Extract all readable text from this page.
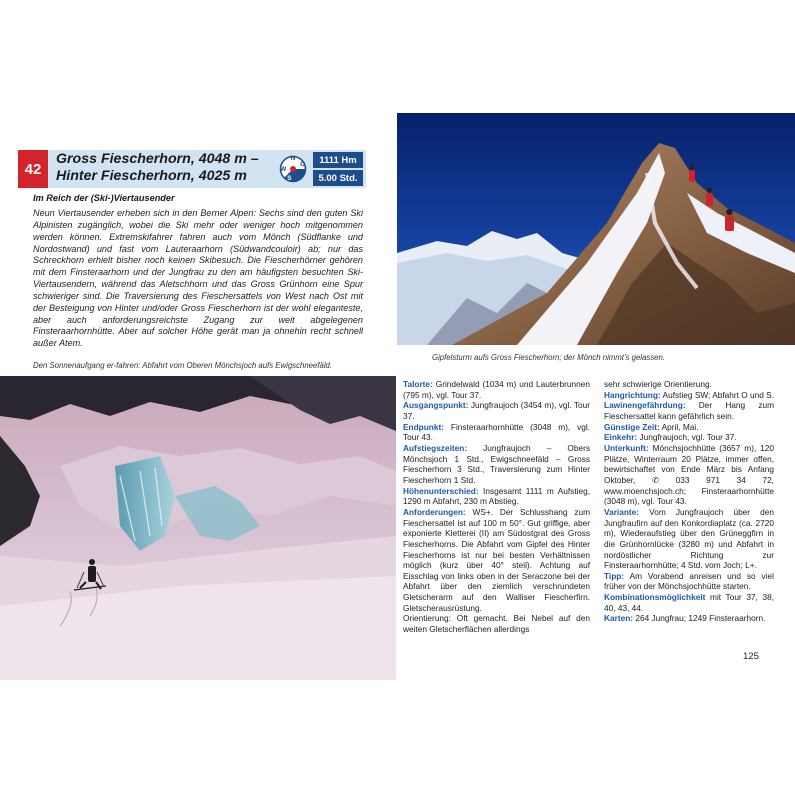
42
Gross Fiescherhorn, 4048 m –
Hinter Fiescherhorn, 4025 m
N
W
O
S
1111 Hm
5.00 Std.
Im Reich der (Ski-)Viertausender
Neun Viertausender erheben sich in den Berner Alpen: Sechs sind den guten Ski Alpinisten zugänglich, wobei die Ski mehr oder weniger hoch mitgenommen werden können. Extremskifahrer fahren auch vom Mönch (Südflanke und Nordostwand) und fast vom Lauteraarhorn (Südwandcouloir) ab; nur das Schreckhorn erhielt bisher noch keinen Skibesuch. Die Fiescherhörner gehören mit dem Finsteraarhorn und der Jungfrau zu den am häufigsten besuchten Ski-Viertausendern, während das Aletschhorn und das Gross Grünhorn eine Spur schwieriger sind. Die Traversierung des Fieschersattels von West nach Ost mit der Besteigung von Hinter und/oder Gross Fiescherhorn ist der wohl eleganteste, aber auch anforderungsreichste Zugang zur weit abgelegenen Finsteraarhornhütte. Aber auf solcher Höhe gerät man ja ohnehin recht schnell außer Atem.
Gipfelsturm aufs Gross Fiescherhorn; der Mönch nimmt’s gelassen.
Den Sonnenaufgang er-fahren: Abfahrt vom Oberen Mönchsjoch aufs Ewigschneefäld.

Talorte: Grindelwald (1034 m) und Lauterbrunnen (795 m), vgl. Tour 37.

Ausgangspunkt: Jungfraujoch (3454 m), vgl. Tour 37.

Endpunkt: Finsteraarhornhütte (3048 m), vgl. Tour 43.

Aufstiegszeiten: Jungfraujoch – Obers Mönchsjoch 1 Std., Ewigschneefäld – Gross Fiescherhorn 3 Std., Traversierung zum Hinter Fiescherhorn 1 Std.

Höhenunterschied: Insgesamt 1111 m Aufstieg, 1290 m Abfahrt, 230 m Abstieg.

Anforderungen: WS+. Der Schlusshang zum Fieschersattel ist auf 100 m 50°. Gut griffige, aber exponierte Kletterei (II) am Südostgrat des Gross Fiescherhorns. Die Abfahrt vom Gipfel des Hinter Fiescherhorns ist nur bei besten Verhältnissen möglich (kurz über 40° steil). Achtung auf Eisschlag von links oben in der Seraczone bei der Abfahrt über den ziemlich verschrundeten Gletscherarm auf den Walliser Fiescherfirn. Gletscherausrüstung.

Orientierung: Oft gemacht. Bei Nebel auf den weiten Gletscherflächen allerdings

sehr schwierige Orientierung.

Hangrichtung: Aufstieg SW; Abfahrt O und S.

Lawinengefährdung: Der Hang zum Fieschersattel kann gefährlich sein.

Günstige Zeit: April, Mai.

Einkehr: Jungfraujoch, vgl. Tour 37.

Unterkunft: Mönchsjochhütte (3657 m), 120 Plätze, Winterraum 20 Plätze, immer offen, bewirtschaftet von Ende März bis Anfang Oktober, ✆ 033 971 34 72, www.moenchsjoch.ch; Finsteraarhornhütte (3048 m), vgl. Tour 43.

Variante: Vom Jungfraujoch über den Jungfraufirn auf den Konkordiaplatz (ca. 2720 m), Wiederaufstieg über den Grüneggfirn in die Grünhornlücke (3280 m) und Abfahrt in nordöstlicher Richtung zur Finsteraarhornhütte; 4 Std. vom Joch; L+.

Tipp: Am Vorabend anreisen und so viel früher von der Mönchsjochhütte starten.

Kombinationsmöglichkeit mit Tour 37, 38, 40, 43, 44.

Karten: 264 Jungfrau; 1249 Finsteraarhorn.

125
